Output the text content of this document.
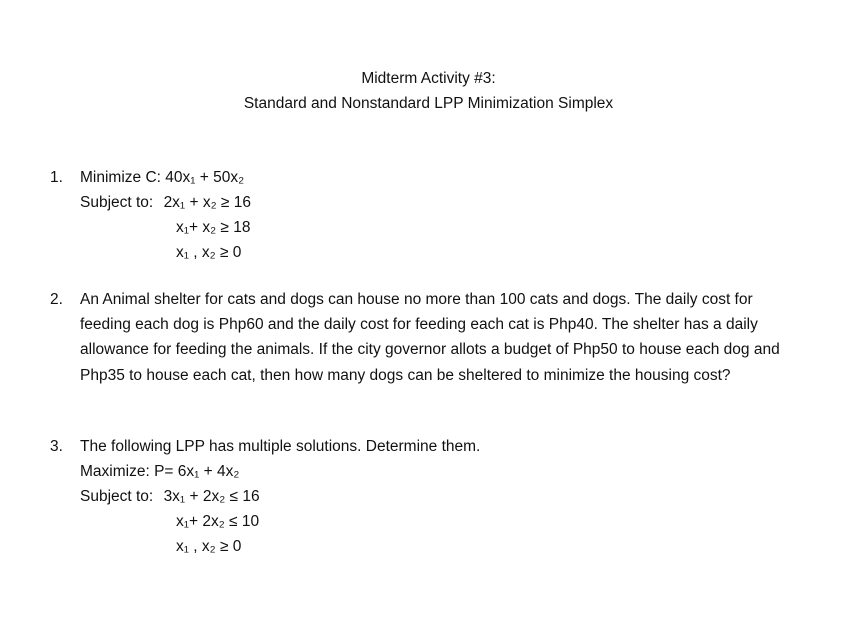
Midterm Activity #3:
Standard and Nonstandard LPP Minimization Simplex
1. Minimize C: 40x₁ + 50x₂
Subject to: 2x₁ + x₂ ≥ 16
x₁+ x₂ ≥ 18
x₁ , x₂ ≥ 0
2. An Animal shelter for cats and dogs can house no more than 100 cats and dogs. The daily cost for feeding each dog is Php60 and the daily cost for feeding each cat is Php40. The shelter has a daily allowance for feeding the animals. If the city governor allots a budget of Php50 to house each dog and Php35 to house each cat, then how many dogs can be sheltered to minimize the housing cost?
3. The following LPP has multiple solutions. Determine them.
Maximize: P= 6x₁ + 4x₂
Subject to: 3x₁ + 2x₂ ≤ 16
x₁+ 2x₂ ≤ 10
x₁ , x₂ ≥ 0
